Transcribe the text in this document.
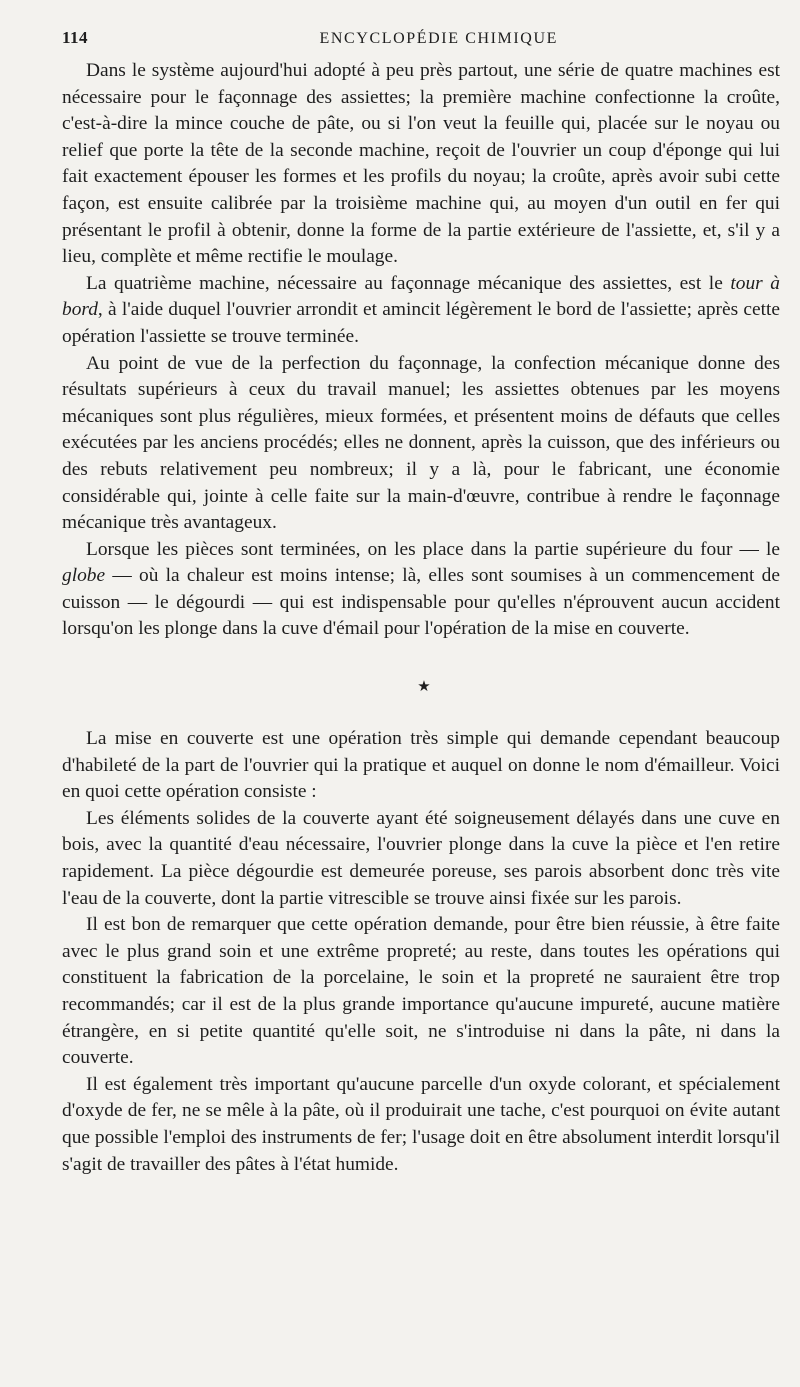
114	ENCYCLOPÉDIE CHIMIQUE

Dans le système aujourd'hui adopté à peu près partout, une série de quatre machines est nécessaire pour le façonnage des assiettes; la première machine confectionne la croûte, c'est-à-dire la mince couche de pâte, ou si l'on veut la feuille qui, placée sur le noyau ou relief que porte la tête de la seconde machine, reçoit de l'ouvrier un coup d'éponge qui lui fait exactement épouser les formes et les profils du noyau; la croûte, après avoir subi cette façon, est ensuite calibrée par la troisième machine qui, au moyen d'un outil en fer qui présentant le profil à obtenir, donne la forme de la partie extérieure de l'assiette, et, s'il y a lieu, complète et même rectifie le moulage.

La quatrième machine, nécessaire au façonnage mécanique des assiettes, est le tour à bord, à l'aide duquel l'ouvrier arrondit et amincit légèrement le bord de l'assiette; après cette opération l'assiette se trouve terminée.

Au point de vue de la perfection du façonnage, la confection mécanique donne des résultats supérieurs à ceux du travail manuel; les assiettes obtenues par les moyens mécaniques sont plus régulières, mieux formées, et présentent moins de défauts que celles exécutées par les anciens procédés; elles ne donnent, après la cuisson, que des inférieurs ou des rebuts relativement peu nombreux; il y a là, pour le fabricant, une économie considérable qui, jointe à celle faite sur la main-d'œuvre, contribue à rendre le façonnage mécanique très avantageux.

Lorsque les pièces sont terminées, on les place dans la partie supérieure du four — le globe — où la chaleur est moins intense; là, elles sont soumises à un commencement de cuisson — le dégourdi — qui est indispensable pour qu'elles n'éprouvent aucun accident lorsqu'on les plonge dans la cuve d'émail pour l'opération de la mise en couverte.

★

La mise en couverte est une opération très simple qui demande cependant beaucoup d'habileté de la part de l'ouvrier qui la pratique et auquel on donne le nom d'émailleur. Voici en quoi cette opération consiste :

Les éléments solides de la couverte ayant été soigneusement délayés dans une cuve en bois, avec la quantité d'eau nécessaire, l'ouvrier plonge dans la cuve la pièce et l'en retire rapidement. La pièce dégourdie est demeurée poreuse, ses parois absorbent donc très vite l'eau de la couverte, dont la partie vitrescible se trouve ainsi fixée sur les parois.

Il est bon de remarquer que cette opération demande, pour être bien réussie, à être faite avec le plus grand soin et une extrême propreté; au reste, dans toutes les opérations qui constituent la fabrication de la porcelaine, le soin et la propreté ne sauraient être trop recommandés; car il est de la plus grande importance qu'aucune impureté, aucune matière étrangère, en si petite quantité qu'elle soit, ne s'introduise ni dans la pâte, ni dans la couverte.

Il est également très important qu'aucune parcelle d'un oxyde colorant, et spécialement d'oxyde de fer, ne se mêle à la pâte, où il produirait une tache, c'est pourquoi on évite autant que possible l'emploi des instruments de fer; l'usage doit en être absolument interdit lorsqu'il s'agit de travailler des pâtes à l'état humide.
